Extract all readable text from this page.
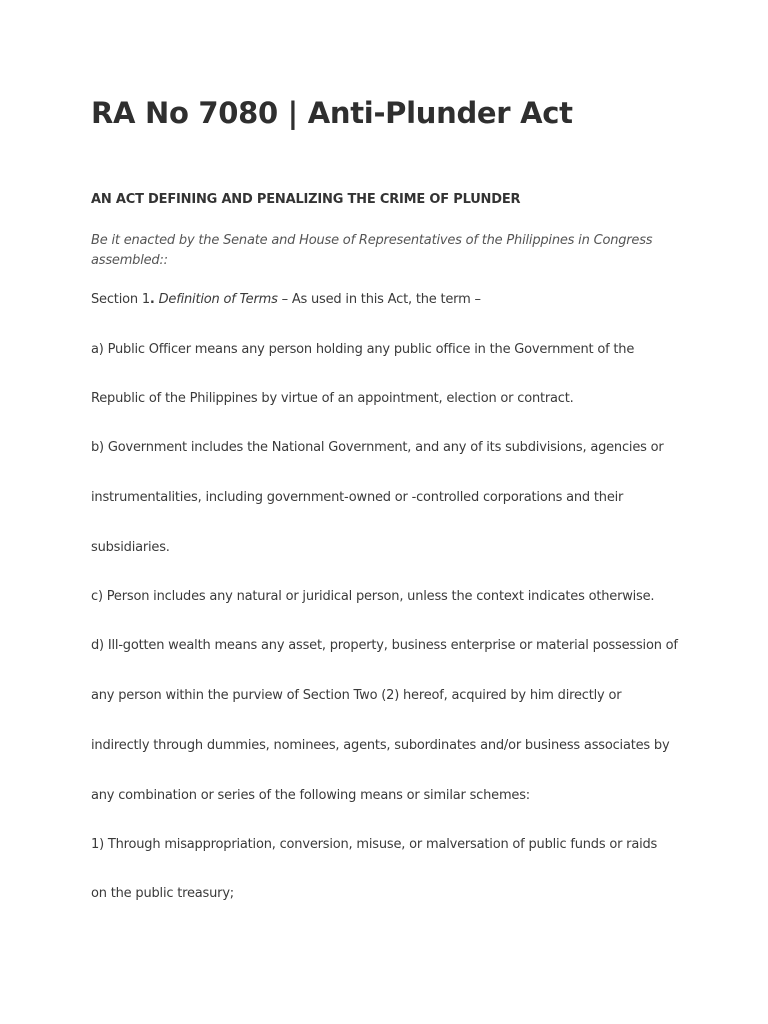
RA No 7080 | Anti-Plunder Act
AN ACT DEFINING AND PENALIZING THE CRIME OF PLUNDER

Be it enacted by the Senate and House of Representatives of the Philippines in Congress assembled::

Section 1. Definition of Terms – As used in this Act, the term –

a) Public Officer means any person holding any public office in the Government of the

Republic of the Philippines by virtue of an appointment, election or contract.

b) Government includes the National Government, and any of its subdivisions, agencies or

instrumentalities, including government-owned or -controlled corporations and their

subsidiaries.

c) Person includes any natural or juridical person, unless the context indicates otherwise.

d) Ill-gotten wealth means any asset, property, business enterprise or material possession of

any person within the purview of Section Two (2) hereof, acquired by him directly or

indirectly through dummies, nominees, agents, subordinates and/or business associates by

any combination or series of the following means or similar schemes:

1) Through misappropriation, conversion, misuse, or malversation of public funds or raids

on the public treasury;
